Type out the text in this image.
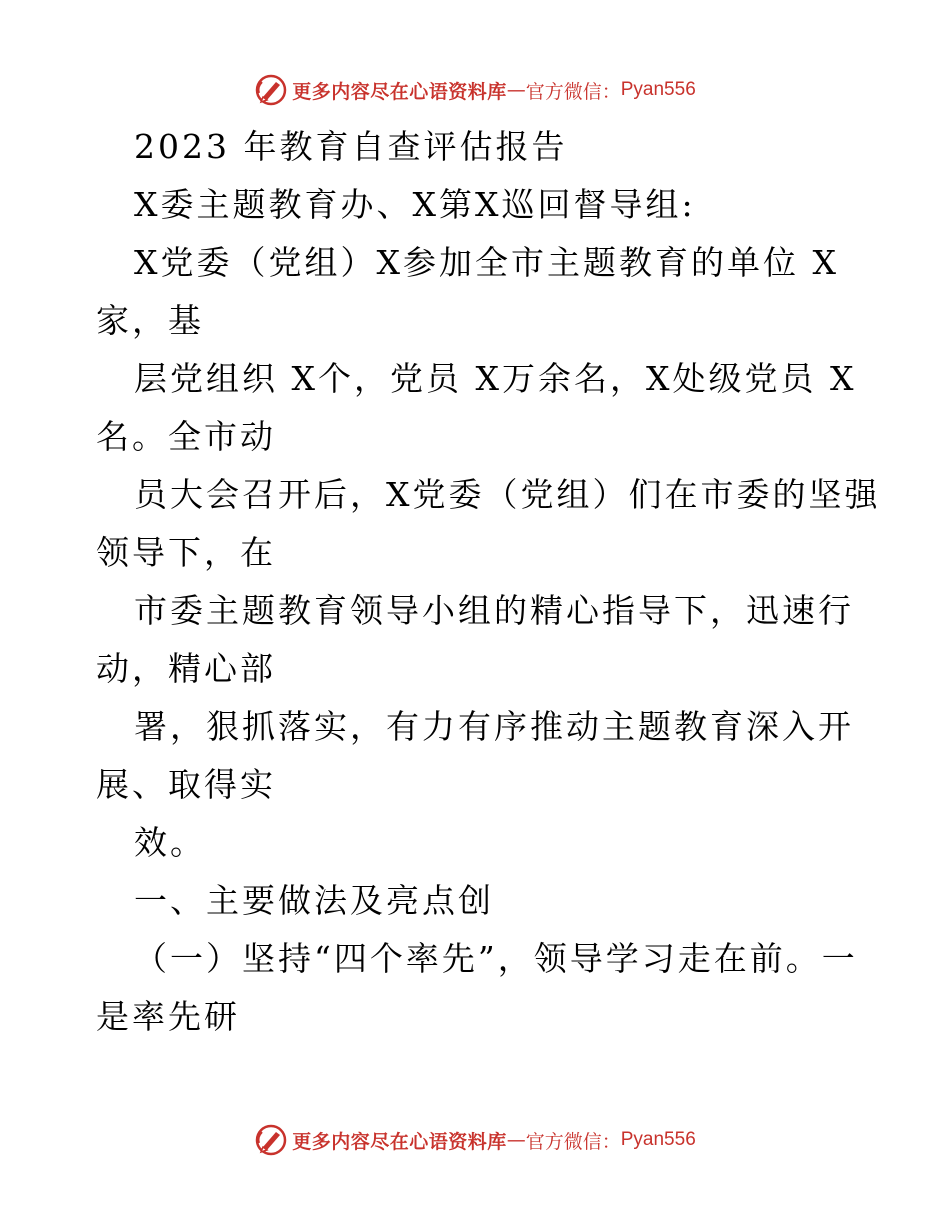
更多内容尽在心语资料库 — 官方微信： Pyan556
2023 年教育自查评估报告
X委主题教育办、X第X巡回督导组:
X党委（党组）X参加全市主题教育的单位 X
家，基
层党组织 X个，党员 X万余名，X处级党员 X
名。全市动
员大会召开后，X党委（党组）们在市委的坚强
领导下，在
市委主题教育领导小组的精心指导下，迅速行
动，精心部
署，狠抓落实，有力有序推动主题教育深入开
展、取得实
效。
一、主要做法及亮点创
（一）坚持“四个率先”，领导学习走在前。一
是率先研
更多内容尽在心语资料库 — 官方微信： Pyan556
